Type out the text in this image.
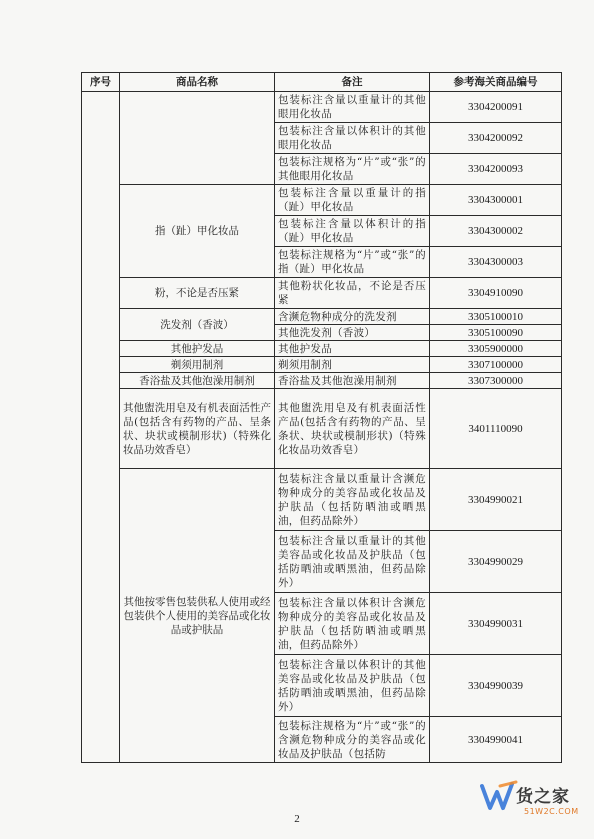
序号	商品名称	备注	参考海关商品编号
		包装标注含量以重量计的其他眼用化妆品	3304200091
		包装标注含量以体积计的其他眼用化妆品	3304200092
		包装标注规格为“片”或“张”的其他眼用化妆品	3304200093
	指（趾）甲化妆品	包装标注含量以重量计的指（趾）甲化妆品	3304300001
		包装标注含量以体积计的指（趾）甲化妆品	3304300002
		包装标注规格为“片”或“张”的指（趾）甲化妆品	3304300003
	粉，不论是否压紧	其他粉状化妆品，不论是否压紧	3304910090
	洗发剂（香波）	含濒危物种成分的洗发剂	3305100010
		其他洗发剂（香波）	3305100090
	其他护发品	其他护发品	3305900000
	剃须用制剂	剃须用制剂	3307100000
	香浴盐及其他泡澡用制剂	香浴盐及其他泡澡用制剂	3307300000
	其他盥洗用皂及有机表面活性产品(包括含有药物的产品、呈条状、块状或模制形状)（特殊化妆品功效香皂）	其他盥洗用皂及有机表面活性产品(包括含有药物的产品、呈条状、块状或模制形状)（特殊化妆品功效香皂）	3401110090
	其他按零售包装供私人使用或经包装供个人使用的美容品或化妆品或护肤品	包装标注含量以重量计含濒危物种成分的美容品或化妆品及护肤品（包括防晒油或晒黑油，但药品除外）	3304990021
		包装标注含量以重量计的其他美容品或化妆品及护肤品（包括防晒油或晒黑油，但药品除外）	3304990029
		包装标注含量以体积计含濒危物种成分的美容品或化妆品及护肤品（包括防晒油或晒黑油，但药品除外）	3304990031
		包装标注含量以体积计的其他美容品或化妆品及护肤品（包括防晒油或晒黑油，但药品除外）	3304990039
		包装标注规格为“片”或“张”的含濒危物种成分的美容品或化妆品及护肤品（包括防	3304990041
2
货之家
51W2C.COM
